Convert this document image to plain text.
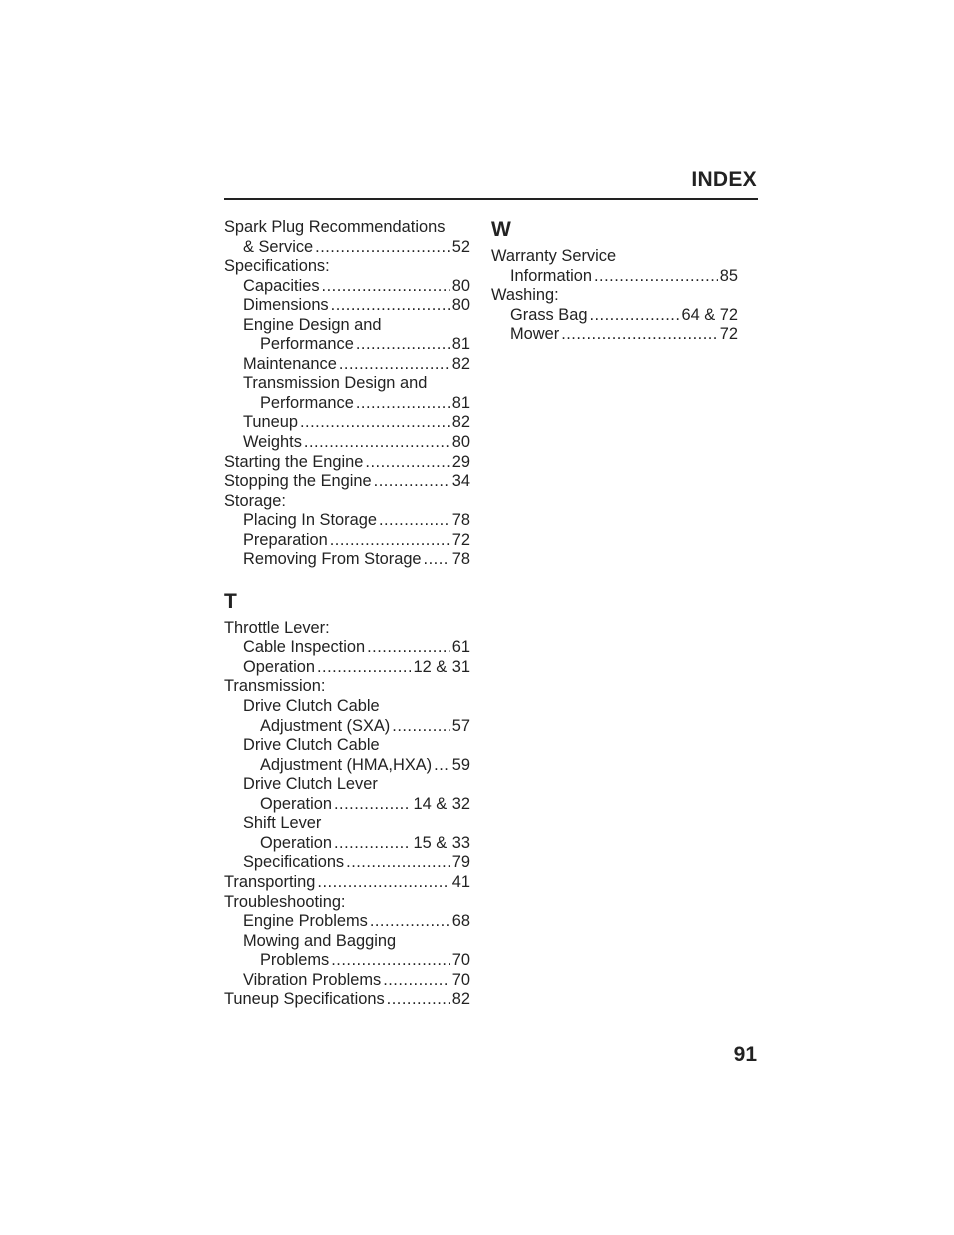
INDEX
Spark Plug Recommendations
& Service .....	52
Specifications:
Capacities .....	80
Dimensions .....	80
Engine Design and
Performance .....	81
Maintenance .....	82
Transmission Design and
Performance .....	81
Tuneup .....	82
Weights .....	80
Starting the Engine .....	29
Stopping the Engine .....	34
Storage:
Placing In Storage .....	78
Preparation .....	72
Removing From Storage ..... 78
T
Throttle Lever:
Cable Inspection .....	61
Operation .....	12 & 31
Transmission:
Drive Clutch Cable
Adjustment (SXA) .....	57
Drive Clutch Cable
Adjustment (HMA,HXA) ..... 59
Drive Clutch Lever
Operation .....	14 & 32
Shift Lever
Operation .....	15 & 33
Specifications .....	79
Transporting .....	41
Troubleshooting:
Engine Problems .....	68
Mowing and Bagging
Problems .....	70
Vibration Problems .....	70
Tuneup Specifications .....	82
W
Warranty Service
Information .....	85
Washing:
Grass Bag .....	64 & 72
Mower .....	72
91
